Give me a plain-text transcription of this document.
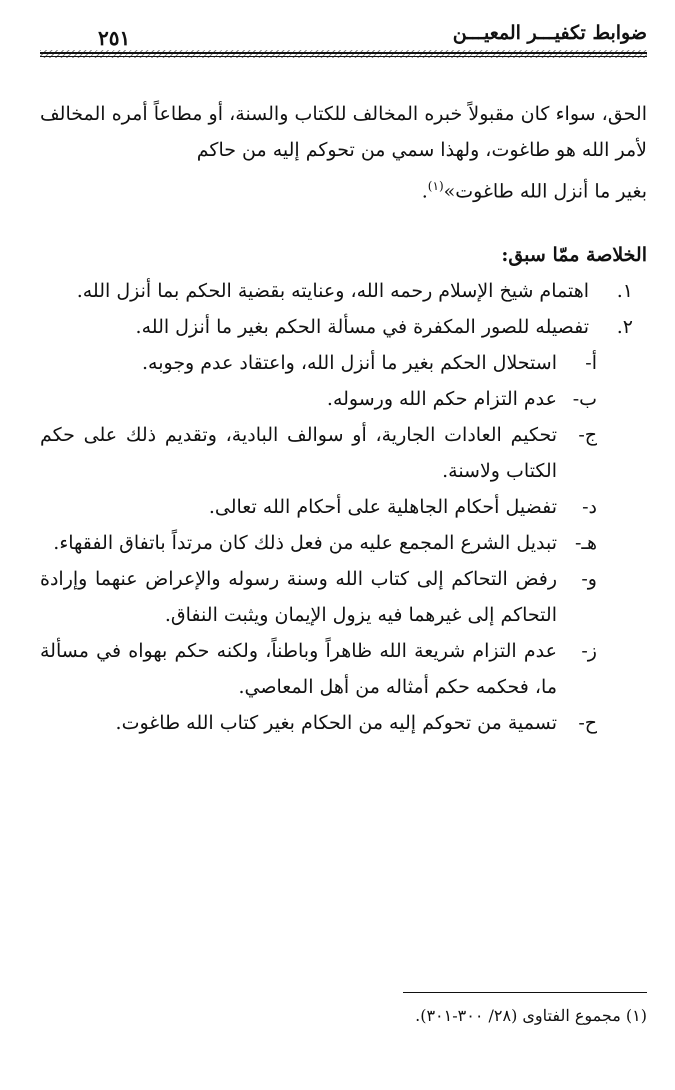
ضوابط تكفيـــر المعيـــن
٢٥١

الحق، سواء كان مقبولاً خبره المخالف للكتاب والسنة، أو مطاعاً أمره المخالف لأمر الله هو طاغوت، ولهذا سمي من تحوكم إليه من حاكم

بغير ما أنزل الله طاغوت»$^{(١)}$.

الخلاصة ممّا سبق:
١.
اهتمام شيخ الإسلام رحمه الله، وعنايته بقضية الحكم بما أنزل الله.
٢.
تفصيله للصور المكفرة في مسألة الحكم بغير ما أنزل الله.
أ-
استحلال الحكم بغير ما أنزل الله، واعتقاد عدم وجوبه.
ب-
عدم التزام حكم الله ورسوله.
ج-
تحكيم العادات الجارية، أو سوالف البادية، وتقديم ذلك على حكم الكتاب ولاسنة.
د-
تفضيل أحكام الجاهلية على أحكام الله تعالى.
هـ-
تبديل الشرع المجمع عليه من فعل ذلك كان مرتداً باتفاق الفقهاء.
و-
رفض التحاكم إلى كتاب الله وسنة رسوله والإعراض عنهما وإرادة التحاكم إلى غيرهما فيه يزول الإيمان ويثبت النفاق.
ز-
عدم التزام شريعة الله ظاهراً وباطناً، ولكنه حكم بهواه في مسألة ما، فحكمه حكم أمثاله من أهل المعاصي.
ح-
تسمية من تحوكم إليه من الحكام بغير كتاب الله طاغوت.
(١) مجموع الفتاوى (٢٨/ ٣٠٠-٣٠١).
